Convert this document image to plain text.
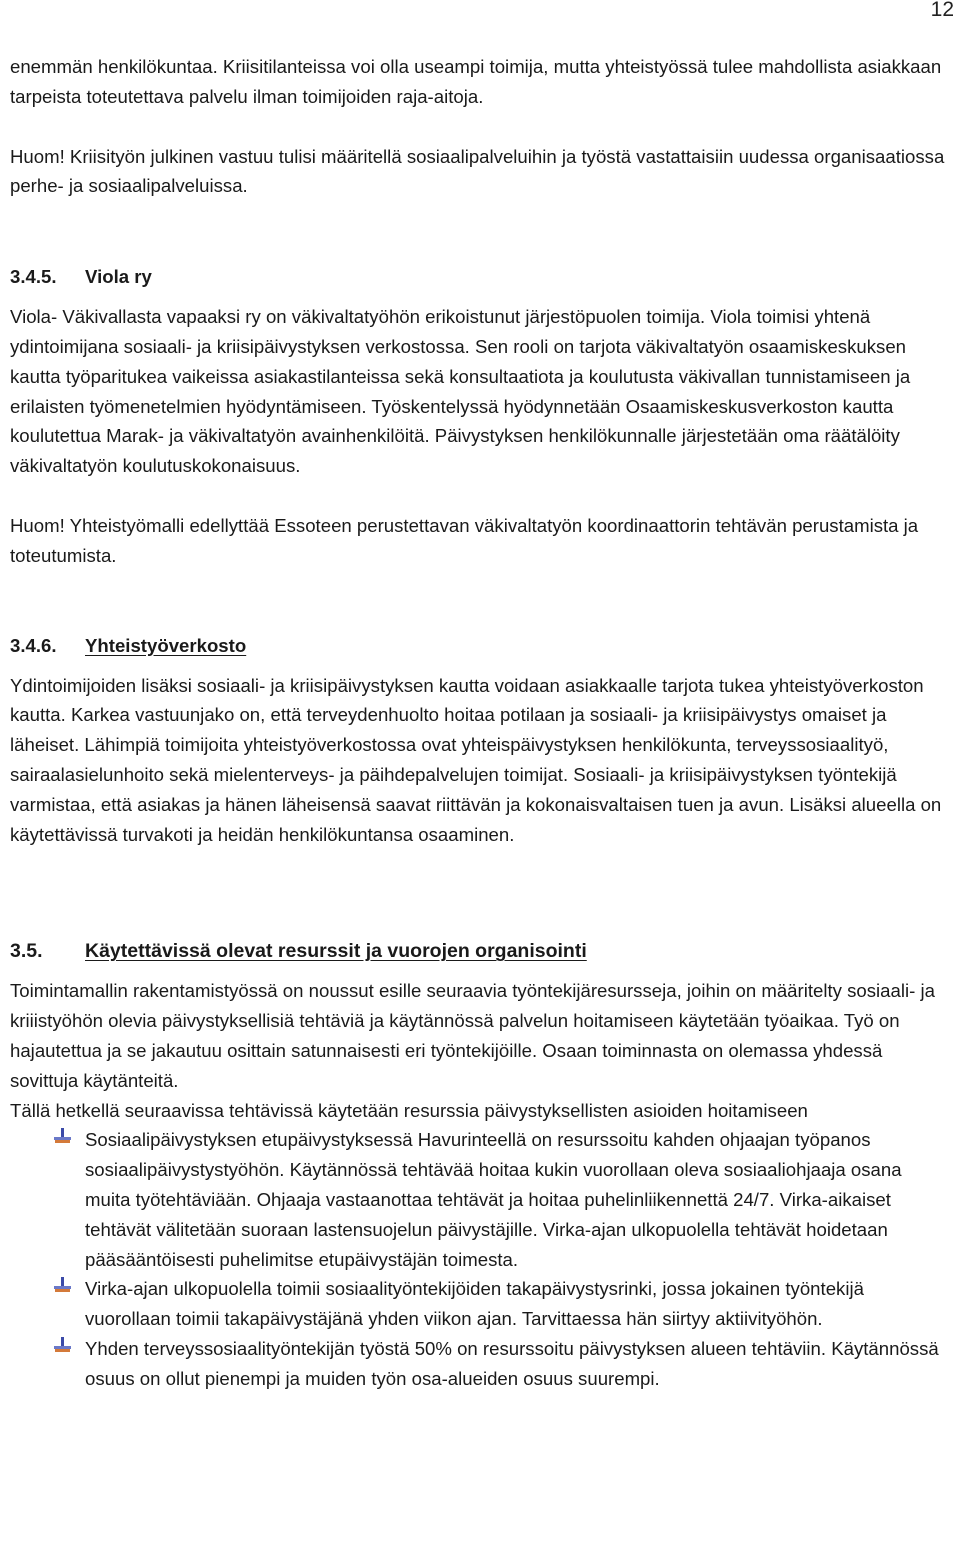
12

enemmän henkilökuntaa. Kriisitilanteissa voi olla useampi toimija, mutta yhteistyössä tulee mahdollista asiakkaan tarpeista toteutettava palvelu ilman toimijoiden raja-aitoja.

Huom! Kriisityön julkinen vastuu tulisi määritellä sosiaalipalveluihin ja työstä vastattaisiin uudessa organisaatiossa perhe- ja sosiaalipalveluissa.

3.4.5.	Viola ry

Viola- Väkivallasta vapaaksi ry on väkivaltatyöhön erikoistunut järjestöpuolen toimija. Viola toimisi yhtenä ydintoimijana sosiaali- ja kriisipäivystyksen verkostossa. Sen rooli on tarjota väkivaltatyön osaamiskeskuksen kautta työparitukea vaikeissa asiakastilanteissa sekä konsultaatiota ja koulutusta väkivallan tunnistamiseen ja erilaisten työmenetelmien hyödyntämiseen. Työskentelyssä hyödynnetään Osaamiskeskusverkoston kautta koulutettua Marak- ja väkivaltatyön avainhenkilöitä. Päivystyksen henkilökunnalle järjestetään oma räätälöity väkivaltatyön koulutuskokonaisuus.

Huom! Yhteistyömalli edellyttää Essoteen perustettavan väkivaltatyön koordinaattorin tehtävän perustamista ja toteutumista.

3.4.6.	Yhteistyöverkosto

Ydintoimijoiden lisäksi sosiaali- ja kriisipäivystyksen kautta voidaan asiakkaalle tarjota tukea yhteistyöverkoston kautta. Karkea vastuunjako on, että terveydenhuolto hoitaa potilaan ja sosiaali- ja kriisipäivystys omaiset ja läheiset. Lähimpiä toimijoita yhteistyöverkostossa ovat yhteispäivystyksen henkilökunta, terveyssosiaalityö, sairaalasielunhoito sekä mielenterveys- ja päihdepalvelujen toimijat. Sosiaali- ja kriisipäivystyksen työntekijä varmistaa, että asiakas ja hänen läheisensä saavat riittävän ja kokonaisvaltaisen tuen ja avun. Lisäksi alueella on käytettävissä turvakoti ja heidän henkilökuntansa osaaminen.

3.5.	Käytettävissä olevat resurssit ja vuorojen organisointi

Toimintamallin rakentamistyössä on noussut esille seuraavia työntekijäresursseja, joihin on määritelty sosiaali- ja kriiistyöhön olevia päivystyksellisiä tehtäviä ja käytännössä palvelun hoitamiseen käytetään työaikaa. Työ on hajautettua ja se jakautuu osittain satunnaisesti eri työntekijöille. Osaan toiminnasta on olemassa yhdessä sovittuja käytänteitä.

Tällä hetkellä seuraavissa tehtävissä käytetään resurssia päivystyksellisten asioiden hoitamiseen

Sosiaalipäivystyksen etupäivystyksessä Havurinteellä on resurssoitu kahden ohjaajan työpanos sosiaalipäivystystyöhön. Käytännössä tehtävää hoitaa kukin vuorollaan oleva sosiaaliohjaaja osana muita työtehtäviään. Ohjaaja vastaanottaa tehtävät ja hoitaa puhelinliikennettä 24/7. Virka-aikaiset tehtävät välitetään suoraan lastensuojelun päivystäjille. Virka-ajan ulkopuolella tehtävät hoidetaan pääsääntöisesti puhelimitse etupäivystäjän toimesta.

Virka-ajan ulkopuolella toimii sosiaalityöntekijöiden takapäivystysrinki, jossa jokainen työntekijä vuorollaan toimii takapäivystäjänä yhden viikon ajan. Tarvittaessa hän siirtyy aktiivityöhön.

Yhden terveyssosiaalityöntekijän työstä 50% on resurssoitu päivystyksen alueen tehtäviin. Käytännössä osuus on ollut pienempi ja muiden työn osa-alueiden osuus suurempi.
